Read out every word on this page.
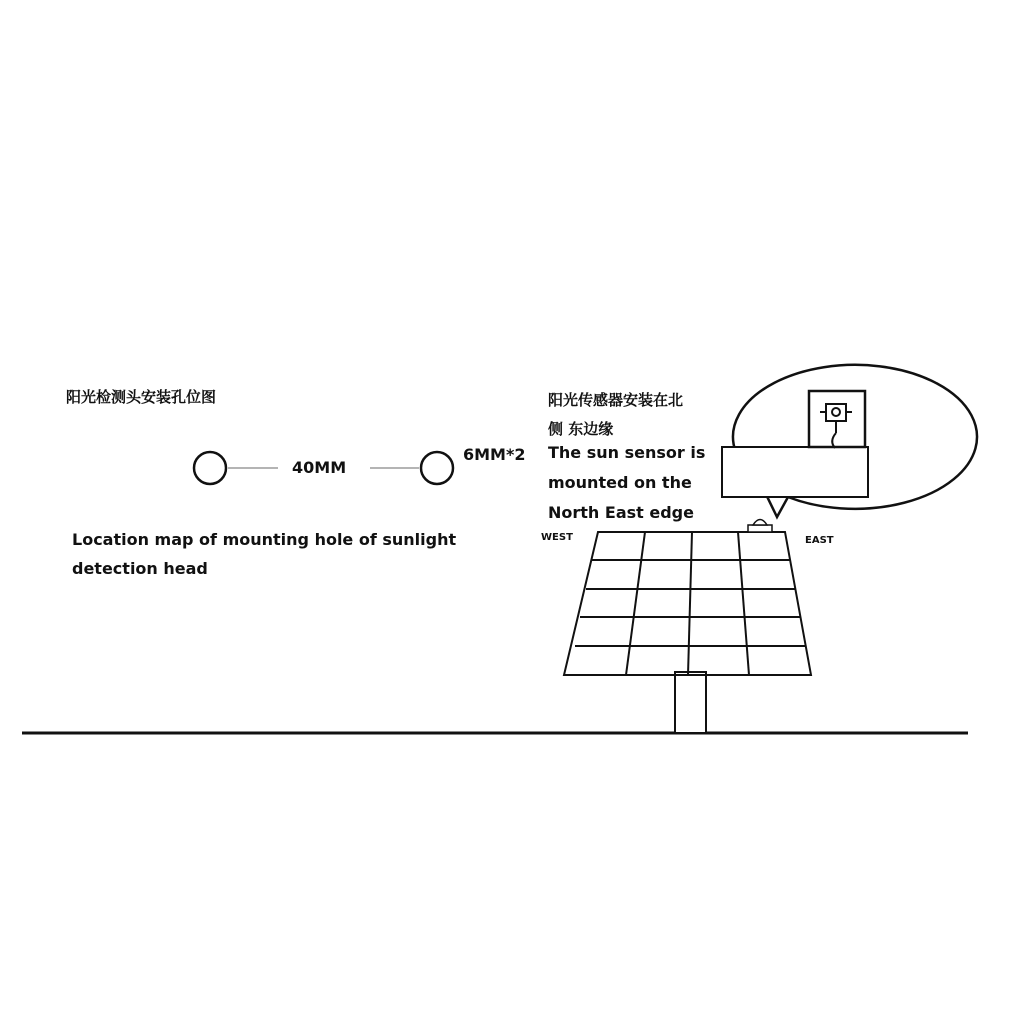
阳光检测头安装孔位图
40MM
6MM*2
Location map of mounting hole of sunlight
detection head
阳光传感器安装在北
侧 东边缘
The sun sensor is
mounted on the
North East edge
WEST	EAST
